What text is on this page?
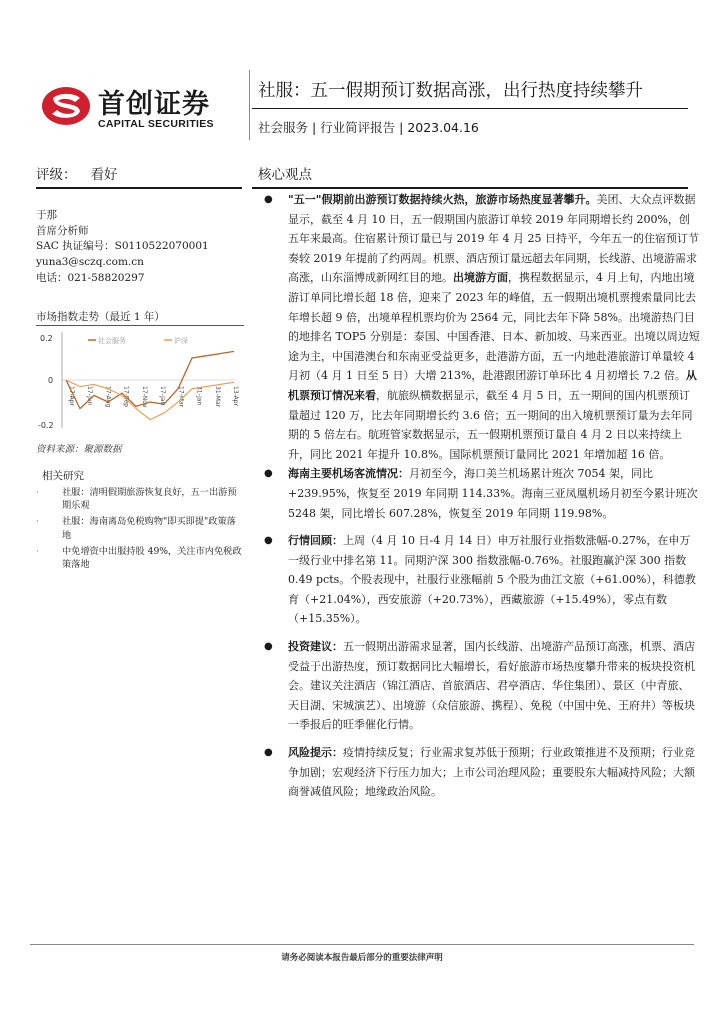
首创证券
CAPITAL SECURITIES
社服：五一假期预订数据高涨，出行热度持续攀升
社会服务 | 行业简评报告 | 2023.04.16
评级： 看好	核心观点
于那
首席分析师
SAC 执证编号：S0110522070001
yuna3@sczq.com.cn
电话：021-58820297
市场指数走势（最近 1 年）
0.2
0
-0.2
社会服务	沪深
17-Apr 17-Jun 17-Aug 17-Sep 17-Nov 17-Jan 17-Mar 31-Jan 31-Mar 13-Apr
资料来源：聚源数据
相关研究
·	社服：清明假期旅游恢复良好，五一出游预期乐观
·	社服：海南离岛免税购物"即买即提"政策落地
·	中免增资中出服持股 49%，关注市内免税政策落地
● "五一"假期前出游预订数据持续火热，旅游市场热度显著攀升。美团、大众点评数据显示，截至 4 月 10 日，五一假期国内旅游订单较 2019 年同期增长约 200%，创五年来最高。住宿累计预订量已与 2019 年 4 月 25 日持平，今年五一的住宿预订节奏较 2019 年提前了约两周。机票、酒店预订量远超去年同期，长线游、出境游需求高涨，山东淄博成新网红目的地。出境游方面，携程数据显示，4 月上旬，内地出境游订单同比增长超 18 倍，迎来了 2023 年的峰值，五一假期出境机票搜索量同比去年增长超 9 倍，出境单程机票均价为 2564 元，同比去年下降 58%。出境游热门目的地排名 TOP5 分别是：泰国、中国香港、日本、新加坡、马来西亚。出境以周边短途为主，中国港澳台和东南亚受益更多，赴港游方面，五一内地赴港旅游订单量较 4 月初（4 月 1 日至 5 日）大增 213%，赴港跟团游订单环比 4 月初增长 7.2 倍。从机票预订情况来看，航旅纵横数据显示，截至 4 月 5 日，五一期间的国内机票预订量超过 120 万，比去年同期增长约 3.6 倍；五一期间的出入境机票预订量为去年同期的 5 倍左右。航班管家数据显示，五一假期机票预订量自 4 月 2 日以来持续上升，同比 2021 年提升 10.8%。国际机票预订量同比 2021 年增加超 16 倍。
● 海南主要机场客流情况：月初至今，海口美兰机场累计班次 7054 架，同比+239.95%，恢复至 2019 年同期 114.33%。海南三亚凤凰机场月初至今累计班次 5248 架，同比增长 607.28%，恢复至 2019 年同期 119.98%。
● 行情回顾：上周（4 月 10 日-4 月 14 日）申万社服行业指数涨幅-0.27%，在申万一级行业中排名第 11。同期沪深 300 指数涨幅-0.76%。社服跑赢沪深 300 指数 0.49 pcts。个股表现中，社服行业涨幅前 5 个股为曲江文旅（+61.00%），科德教育（+21.04%），西安旅游（+20.73%），西藏旅游（+15.49%），零点有数（+15.35%）。
● 投资建议：五一假期出游需求显著，国内长线游、出境游产品预订高涨，机票、酒店受益于出游热度，预订数据同比大幅增长，看好旅游市场热度攀升带来的板块投资机会。建议关注酒店（锦江酒店、首旅酒店、君亭酒店、华住集团）、景区（中青旅、天目湖、宋城演艺）、出境游（众信旅游、携程）、免税（中国中免、王府井）等板块一季报后的旺季催化行情。
● 风险提示：疫情持续反复；行业需求复苏低于预期；行业政策推进不及预期；行业竞争加剧；宏观经济下行压力加大；上市公司治理风险；重要股东大幅减持风险；大额商誉减值风险；地缘政治风险。
请务必阅读本报告最后部分的重要法律声明
